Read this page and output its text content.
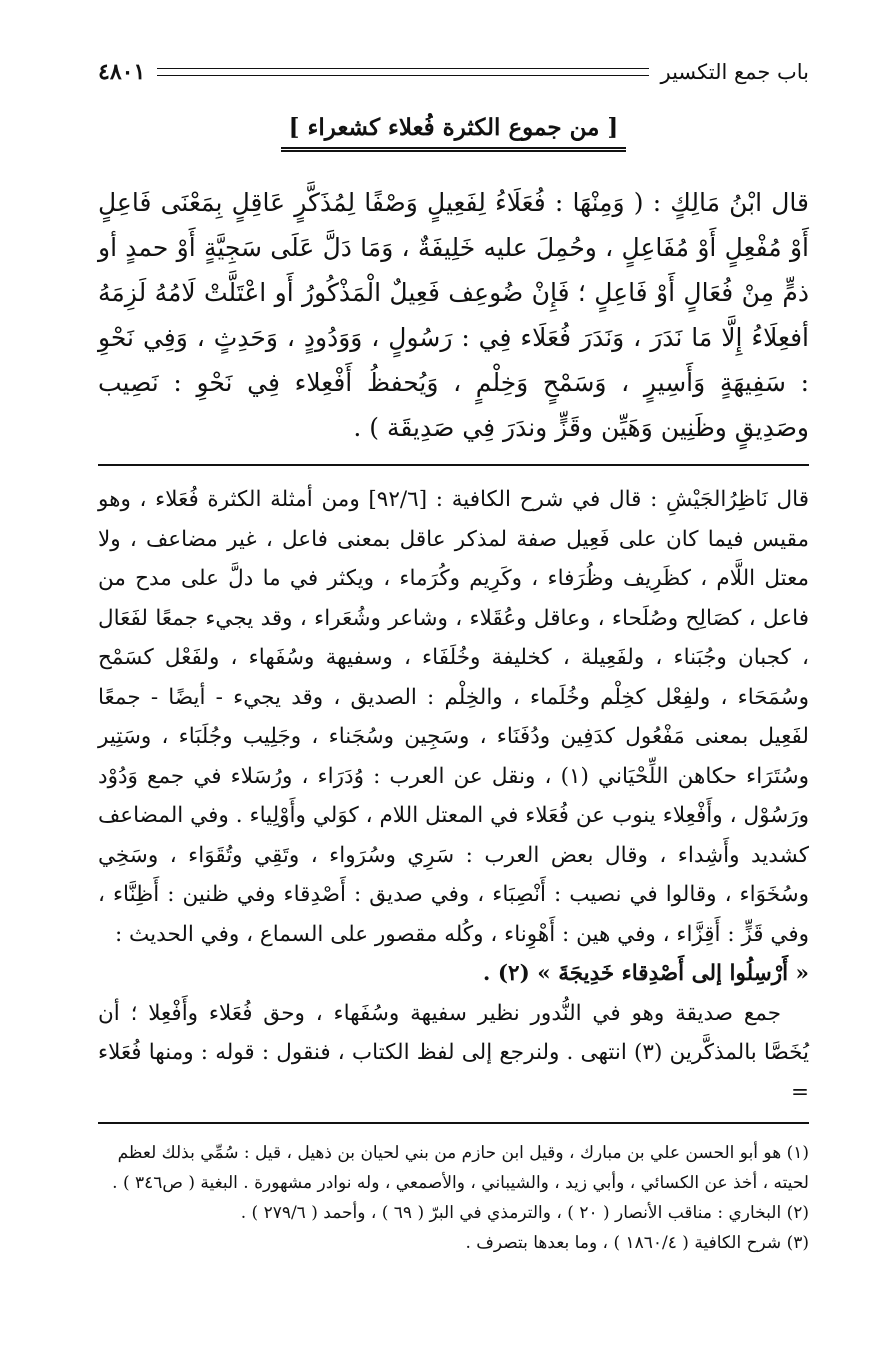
باب جمع التكسير
٤٨٠١
[ من جموع الكثرة فُعلاء كشعراء ]

قال ابْنُ مَالِكٍ : ( وَمِنْهَا : فُعَلَاءُ لِفَعِيلٍ وَصْفًا لِمُذَكَّرٍ عَاقِلٍ بِمَعْنَى فَاعِلٍ أَوْ مُفْعِلٍ أَوْ مُفَاعِلٍ ، وحُمِلَ عليه خَلِيفَةٌ ، وَمَا دَلَّ عَلَى سَجِيَّةٍ أَوْ حمدٍ أو ذمٍّ مِنْ فُعَالٍ أَوْ فَاعِلٍ ؛ فَإِنْ ضُوعِف فَعِيلٌ الْمَذْكُورُ أَو اعْتَلَّتْ لَامُهُ لَزِمَهُ أفعِلَاءُ إِلَّا مَا نَدَرَ ، وَنَدَرَ فُعَلَاء فِي : رَسُولٍ ، وَوَدُودٍ ، وَحَدِثٍ ، وَفِي نَحْوِ : سَفِيهَةٍ وَأَسِيرٍ ، وَسَمْحٍ وَخِلْمٍ ، وَيُحفظُ أَفْعِلاء فِي نَحْوِ : نَصِيب وصَدِيقٍ وظَنِين وَهَيِّن وقَزٍّ وندَرَ فِي صَدِيقَة ) .

قال نَاظِرُالجَيْشِ : قال في شرح الكافية : [٩٢/٦] ومن أمثلة الكثرة فُعَلاء ، وهو مقيس فيما كان على فَعِيل صفة لمذكر عاقل بمعنى فاعل ، غير مضاعف ، ولا معتل اللَّام ، كظَرِيف وظُرَفاء ، وكَرِيم وكُرَماء ، ويكثر في ما دلَّ على مدح من فاعل ، كصَالِح وصُلَحاء ، وعاقل وعُقَلاء ، وشاعر وشُعَراء ، وقد يجيء جمعًا لفَعَال ، كجبان وجُبَناء ، ولفَعِيلة ، كخليفة وخُلَفَاء ، وسفيهة وسُفَهاء ، ولفَعْل كسَمْح وسُمَحَاء ، ولفِعْل كخِلْم وخُلَماء ، والخِلْم : الصديق ، وقد يجيء - أيضًا - جمعًا لفَعِيل بمعنى مَفْعُول كدَفِين ودُفَنَاء ، وسَجِين وسُجَناء ، وجَلِيب وجُلَبَاء ، وسَتِير وسُتَرَاء حكاهن اللِّحْيَاني (١) ، ونقل عن العرب : وُدَرَاء ، ورُسَلاء في جمع وَدُوْد ورَسُوْل ، وأَفْعِلاء ينوب عن فُعَلاء في المعتل اللام ، كوَلي وأَوْلِياء . وفي المضاعف كشديد وأَشِداء ، وقال بعض العرب : سَرِي وسُرَواء ، وتَقِي وتُقَوَاء ، وسَخِي وسُخَوَاء ، وقالوا في نصيب : أَنْصِبَاء ، وفي صديق : أَصْدِقاء وفي ظنين : أَظِنَّاء ، وفي قَزٍّ : أَقِزَّاء ، وفي هين : أَهْوِناء ، وكُله مقصور على السماع ، وفي الحديث :

« أَرْسِلُوا إلى أَصْدِقاء خَدِيجَةَ » (٢) .

جمع صديقة وهو في النُّدور نظير سفيهة وسُفَهاء ، وحق فُعَلاء وأَفْعِلا ؛ أن يُخَصَّا بالمذكَّرين (٣) انتهى . ولنرجع إلى لفظ الكتاب ، فنقول : قوله : ومنها فُعَلاء =

(١) هو أبو الحسن علي بن مبارك ، وقيل ابن حازم من بني لحيان بن ذهيل ، قيل : سُمِّي بذلك لعظم لحيته ، أخذ عن الكسائي ، وأبي زيد ، والشيباني ، والأصمعي ، وله نوادر مشهورة . البغية ( ص٣٤٦ ) .

(٢) البخاري : مناقب الأنصار ( ٢٠ ) ، والترمذي في البرّ ( ٦٩ ) ، وأحمد ( ٢٧٩/٦ ) .

(٣) شرح الكافية ( ١٨٦٠/٤ ) ، وما بعدها بتصرف .
